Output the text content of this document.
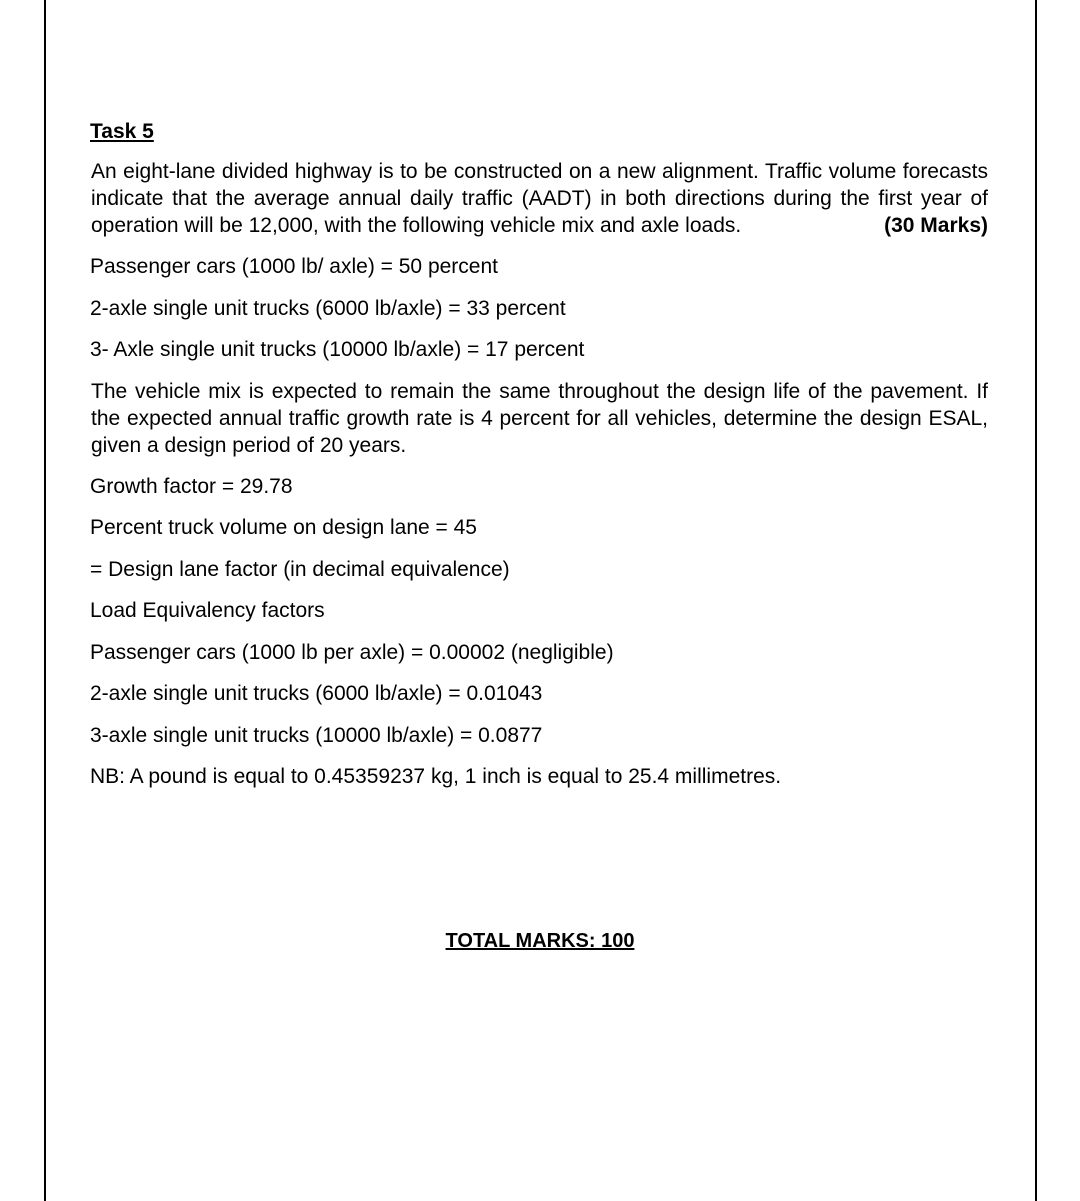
Task 5
An eight-lane divided highway is to be constructed on a new alignment. Traffic volume forecasts indicate that the average annual daily traffic (AADT) in both directions during the first year of operation will be 12,000, with the following vehicle mix and axle loads.	(30 Marks)
Passenger cars (1000 lb/ axle) = 50 percent
2-axle single unit trucks (6000 lb/axle) = 33 percent
3- Axle single unit trucks (10000 lb/axle) = 17 percent
The vehicle mix is expected to remain the same throughout the design life of the pavement. If the expected annual traffic growth rate is 4 percent for all vehicles, determine the design ESAL, given a design period of 20 years.
Growth factor = 29.78
Percent truck volume on design lane = 45
= Design lane factor (in decimal equivalence)
Load Equivalency factors
Passenger cars (1000 lb per axle) = 0.00002 (negligible)
2-axle single unit trucks (6000 lb/axle) = 0.01043
3-axle single unit trucks (10000 lb/axle) = 0.0877
NB: A pound is equal to 0.45359237 kg, 1 inch is equal to 25.4 millimetres.
TOTAL MARKS: 100
